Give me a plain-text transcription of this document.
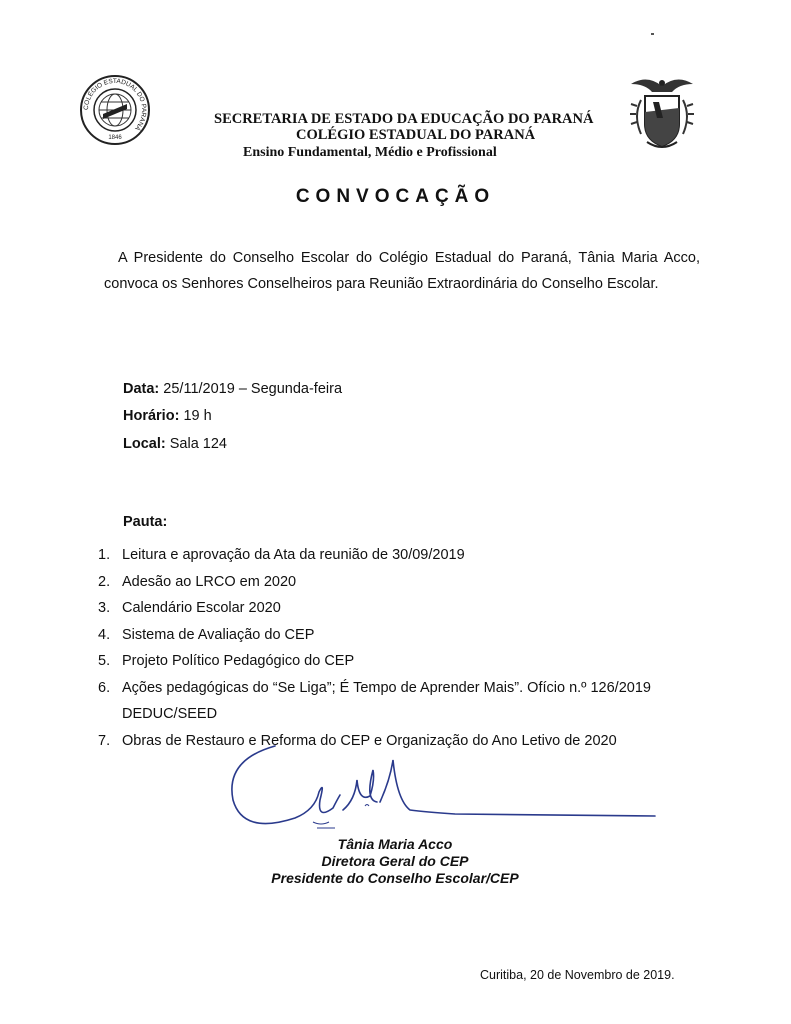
COLÉGIO ESTADUAL DO PARANÁ
1846
SECRETARIA DE ESTADO DA EDUCAÇÃO DO PARANÁ
COLÉGIO ESTADUAL DO PARANÁ
Ensino Fundamental, Médio e Profissional
CONVOCAÇÃO
A Presidente do Conselho Escolar do Colégio Estadual do Paraná, Tânia Maria Acco, convoca os Senhores Conselheiros para Reunião Extraordinária do Conselho Escolar.
Data: 25/11/2019 – Segunda-feira
Horário: 19 h
Local: Sala 124
Pauta:
1. Leitura e aprovação da Ata da reunião de 30/09/2019
2. Adesão ao LRCO em 2020
3. Calendário Escolar 2020
4. Sistema de Avaliação do CEP
5. Projeto Político Pedagógico do CEP
6. Ações pedagógicas do “Se Liga”; É Tempo de Aprender Mais”. Ofício n.º 126/2019 DEDUC/SEED
7. Obras de Restauro e Reforma do CEP e Organização do Ano Letivo de 2020
Tânia Maria Acco
Diretora Geral do CEP
Presidente do Conselho Escolar/CEP
Curitiba, 20 de Novembro de 2019.
